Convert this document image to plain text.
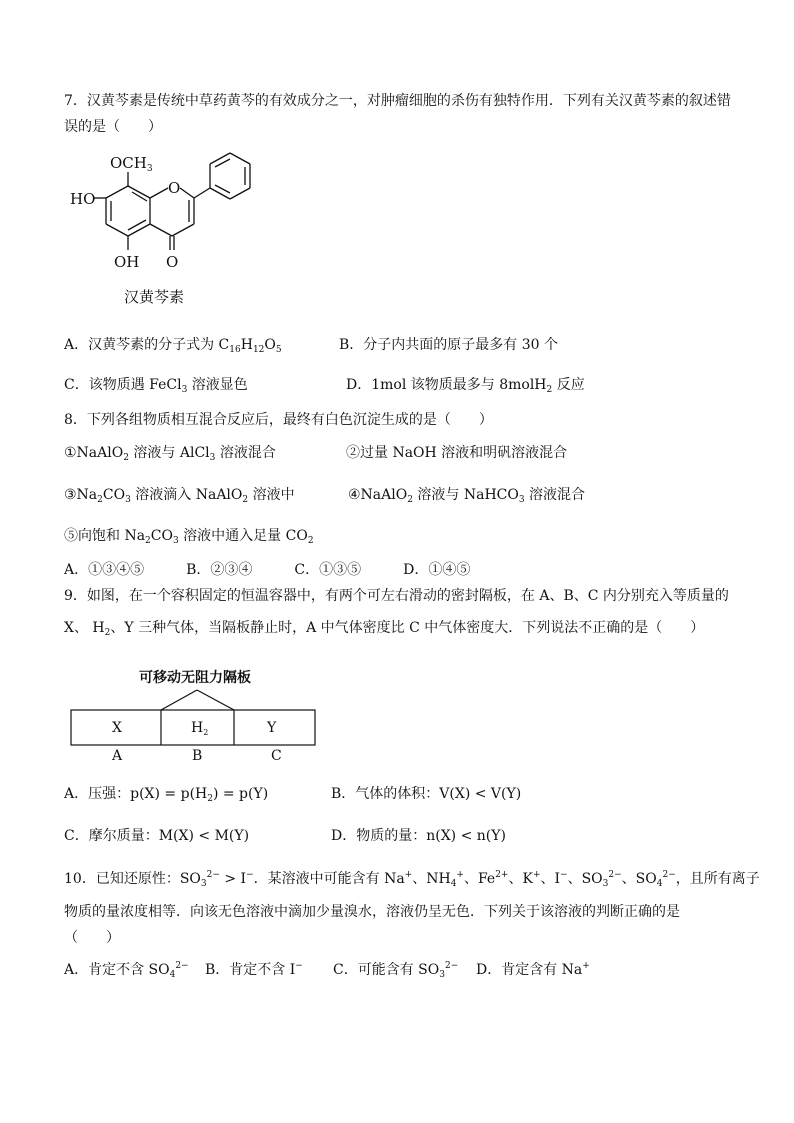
7．汉黄芩素是传统中草药黄芩的有效成分之一，对肿瘤细胞的杀伤有独特作用．下列有关汉黄芩素的叙述错
误的是（　　）
$OCH_3$
O
HO
OH O
汉黄芩素
A．汉黄芩素的分子式为 $C_{16}H_{12}O_5$	B．分子内共面的原子最多有 30 个
C．该物质遇 FeCl$_3$ 溶液显色	D．1mol 该物质最多与 8molH$_2$ 反应
8．下列各组物质相互混合反应后，最终有白色沉淀生成的是（　　）
①NaAlO$_2$ 溶液与 AlCl$_3$ 溶液混合	②过量 NaOH 溶液和明矾溶液混合
$③Na_2CO_3$ 溶液滴入 NaAlO$_2$ 溶液中	④NaAlO$_2$ 溶液与 NaHCO$_3$ 溶液混合
⑤向饱和 $Na_2CO_3$ 溶液中通入足量 $CO_2$
A．①③④⑤　　　B．②③④　　　C．①③⑤　　　D．①④⑤
9．如图，在一个容积固定的恒温容器中，有两个可左右滑动的密封隔板，在 A、B、C 内分别充入等质量的
X、 $H_2$、Y 三种气体，当隔板静止时，A 中气体密度比 C 中气体密度大．下列说法不正确的是（　　）
可移动无阻力隔板
X	$H_2$	Y
A	B	C
A．压强：$p(X) = p(H_2) = p(Y)$	B．气体的体积：V(X) < V(Y)
C．摩尔质量：M(X) < M(Y)	D．物质的量：n(X) < n(Y)
10．已知还原性：$SO_3^{2-} > I^-$．某溶液中可能含有 Na+、$NH_4^+$、$Fe^{2+}$、K+、I−、$SO_3^{2-}$、$SO_4^{2-}$，且所有离子
物质的量浓度相等．向该无色溶液中滴加少量溴水，溶液仍呈无色．下列关于该溶液的判断正确的是
（　　）
A．肯定不含 $SO_4^{2-}$ B．肯定不含 I− C．可能含有 $SO_3^{2-}$ D．肯定含有 Na+
